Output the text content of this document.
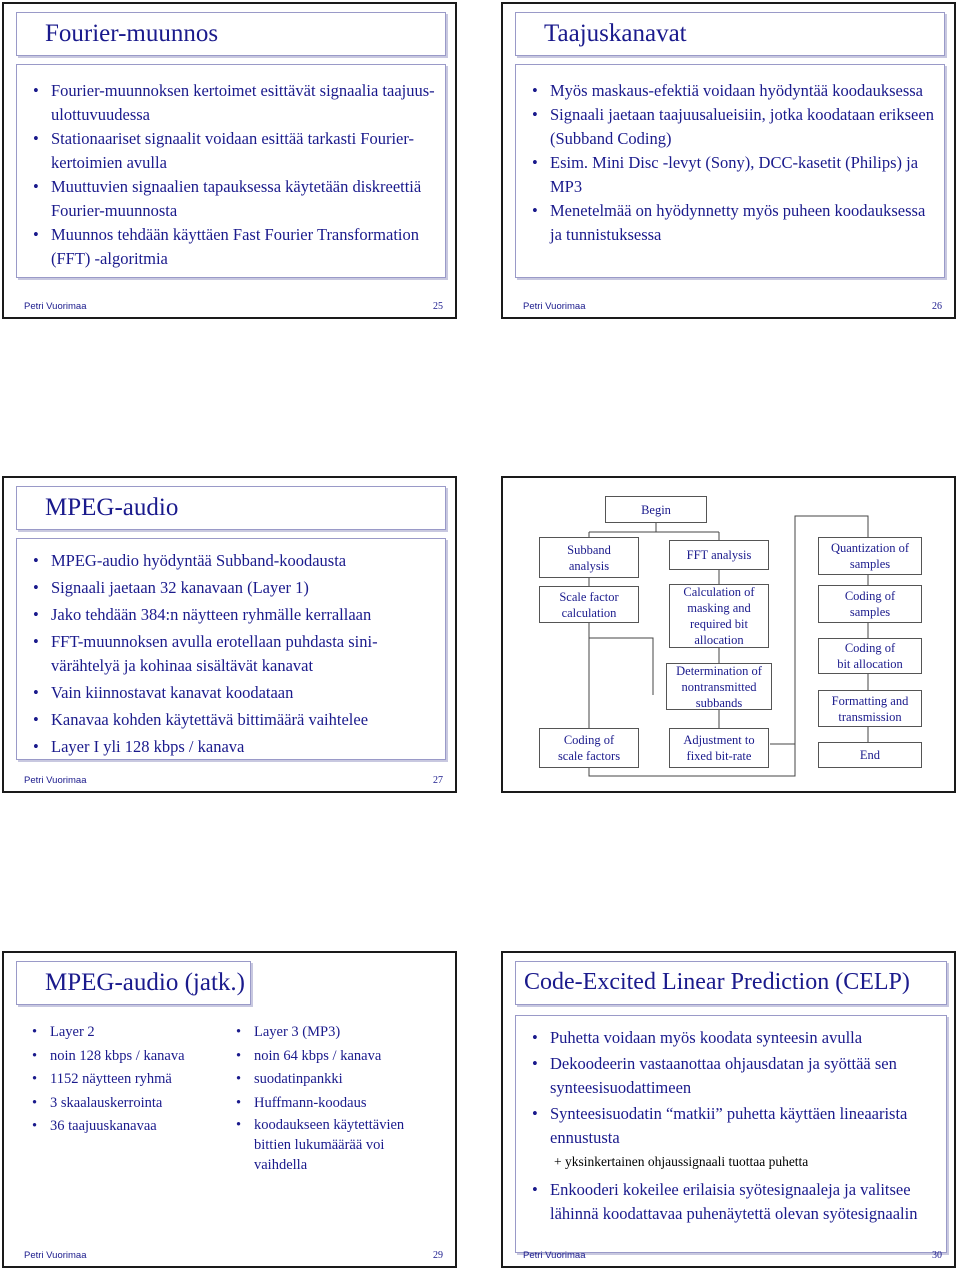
Fourier-muunnos
• Fourier-muunnoksen kertoimet esittävät signaalia taajuus-ulottuvuudessa
• Stationaariset signaalit voidaan esittää tarkasti Fourier-kertoimien avulla
• Muuttuvien signaalien tapauksessa käytetään diskreettiä Fourier-muunnosta
• Muunnos tehdään käyttäen Fast Fourier Transformation (FFT) -algoritmia
Petri Vuorimaa	25
Taajuskanavat
• Myös maskaus-efektiä voidaan hyödyntää koodauksessa
• Signaali jaetaan taajuusalueisiin, jotka koodataan erikseen (Subband Coding)
• Esim. Mini Disc -levyt (Sony), DCC-kasetit (Philips) ja MP3
• Menetelmää on hyödynnetty myös puheen koodauksessa ja tunnistuksessa
Petri Vuorimaa	26
MPEG-audio
• MPEG-audio hyödyntää Subband-koodausta
• Signaali jaetaan 32 kanavaan (Layer 1)
• Jako tehdään 384:n näytteen ryhmälle kerrallaan
• FFT-muunnoksen avulla erotellaan puhdasta sini-värähtelyä ja kohinaa sisältävät kanavat
• Vain kiinnostavat kanavat koodataan
• Kanavaa kohden käytettävä bittimäärä vaihtelee
• Layer I yli 128 kbps / kanava
Petri Vuorimaa	27
Begin
Subband
analysis
Scale factor
calculation
Coding of
scale factors
FFT analysis
Calculation of
masking and
required bit
allocation
Determination of
nontransmitted
subbands
Adjustment to
fixed bit-rate
Quantization of
samples
Coding of
samples
Coding of
bit allocation
Formatting and
transmission
End
MPEG-audio (jatk.)
• Layer 2
• noin 128 kbps / kanava
• 1152 näytteen ryhmä
• 3 skaalauskerrointa
• 36 taajuuskanavaa
• Layer 3 (MP3)
• noin 64 kbps / kanava
• suodatinpankki
• Huffmann-koodaus
• koodaukseen käytettävien bittien lukumäärää voi vaihdella
Petri Vuorimaa	29
Code-Excited Linear Prediction (CELP)
• Puhetta voidaan myös koodata synteesin avulla
• Dekoodeerin vastaanottaa ohjausdatan ja syöttää sen synteesisuodattimeen
• Synteesisuodatin “matkii” puhetta käyttäen lineaarista ennustusta
• Enkooderi kokeilee erilaisia syötesignaaleja ja valitsee lähinnä koodattavaa puhenäytettä olevan syötesignaalin
+ yksinkertainen ohjaussignaali tuottaa puhetta
Petri Vuorimaa	30
